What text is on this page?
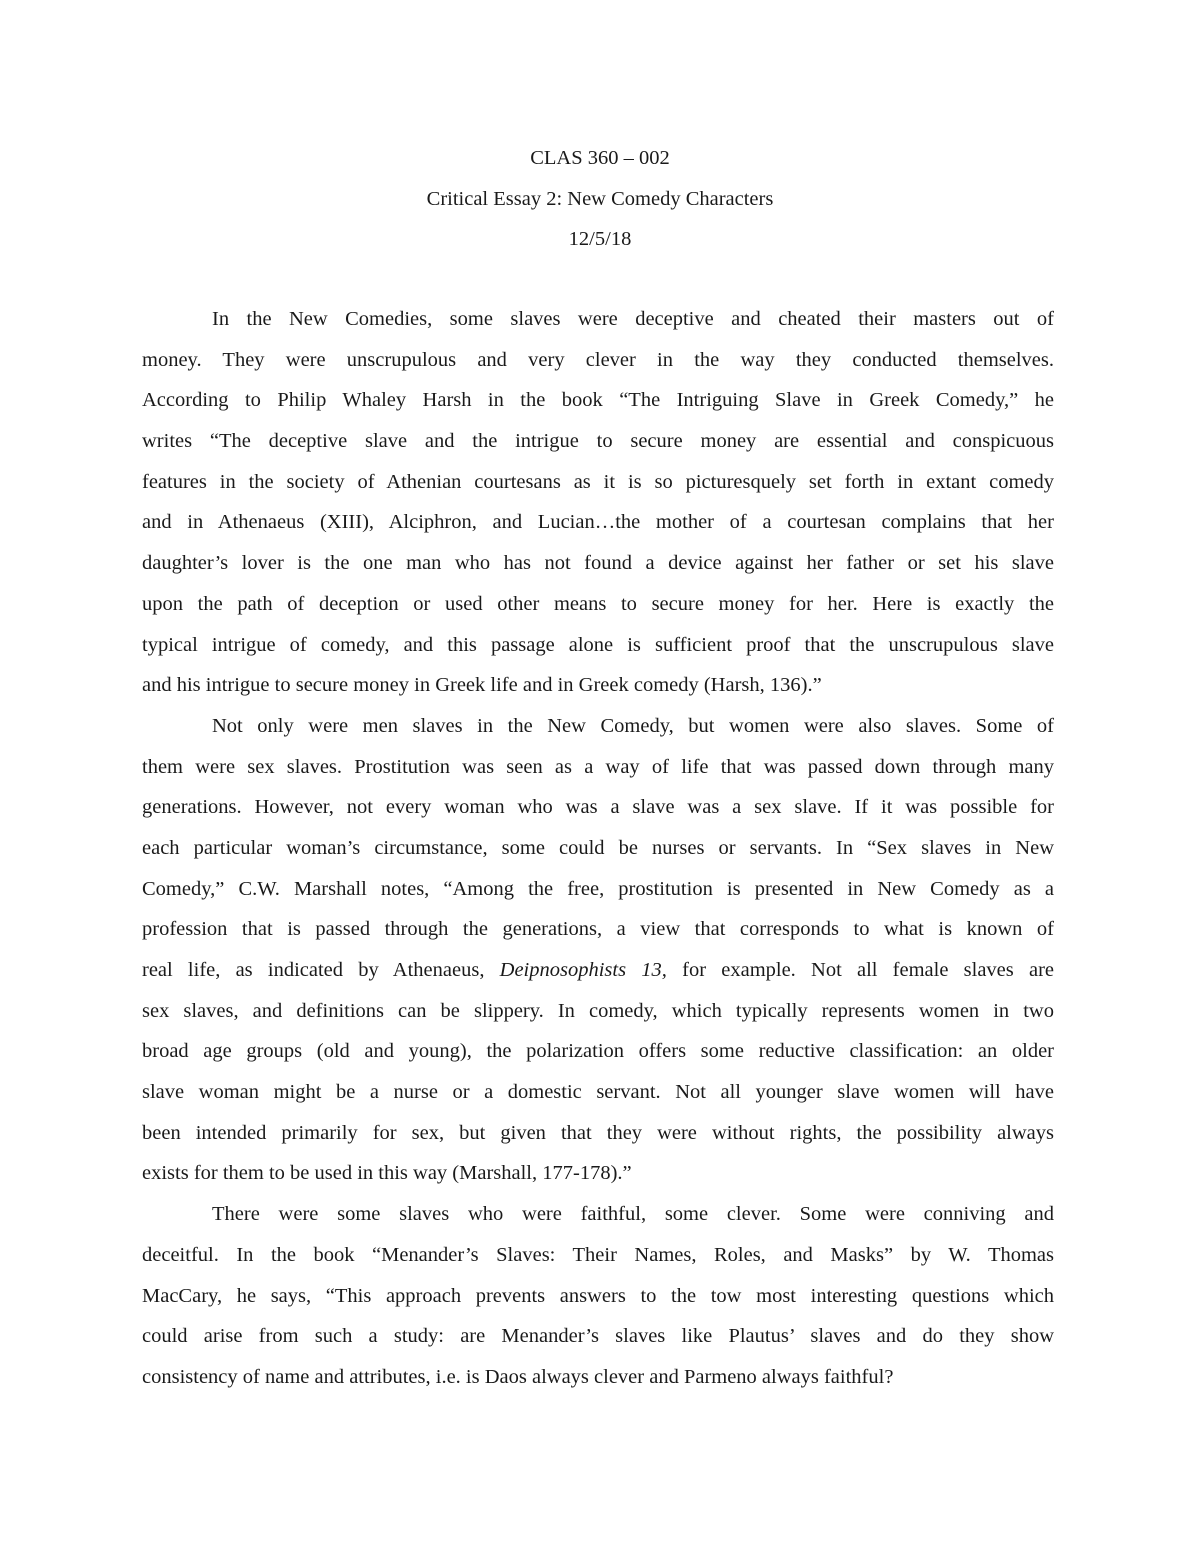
CLAS 360 – 002
Critical Essay 2: New Comedy Characters
12/5/18
In the New Comedies, some slaves were deceptive and cheated their masters out of
money. They were unscrupulous and very clever in the way they conducted themselves.
According to Philip Whaley Harsh in the book “The Intriguing Slave in Greek Comedy,” he
writes “The deceptive slave and the intrigue to secure money are essential and conspicuous
features in the society of Athenian courtesans as it is so picturesquely set forth in extant comedy
and in Athenaeus (XIII), Alciphron, and Lucian…the mother of a courtesan complains that her
daughter’s lover is the one man who has not found a device against her father or set his slave
upon the path of deception or used other means to secure money for her. Here is exactly the
typical intrigue of comedy, and this passage alone is sufficient proof that the unscrupulous slave
and his intrigue to secure money in Greek life and in Greek comedy (Harsh, 136).”
Not only were men slaves in the New Comedy, but women were also slaves. Some of
them were sex slaves. Prostitution was seen as a way of life that was passed down through many
generations. However, not every woman who was a slave was a sex slave. If it was possible for
each particular woman’s circumstance, some could be nurses or servants. In “Sex slaves in New
Comedy,” C.W. Marshall notes, “Among the free, prostitution is presented in New Comedy as a
profession that is passed through the generations, a view that corresponds to what is known of
real life, as indicated by Athenaeus, Deipnosophists 13, for example. Not all female slaves are
sex slaves, and definitions can be slippery. In comedy, which typically represents women in two
broad age groups (old and young), the polarization offers some reductive classification: an older
slave woman might be a nurse or a domestic servant. Not all younger slave women will have
been intended primarily for sex, but given that they were without rights, the possibility always
exists for them to be used in this way (Marshall, 177-178).”
There were some slaves who were faithful, some clever. Some were conniving and
deceitful. In the book “Menander’s Slaves: Their Names, Roles, and Masks” by W. Thomas
MacCary, he says, “This approach prevents answers to the tow most interesting questions which
could arise from such a study: are Menander’s slaves like Plautus’ slaves and do they show
consistency of name and attributes, i.e. is Daos always clever and Parmeno always faithful?
